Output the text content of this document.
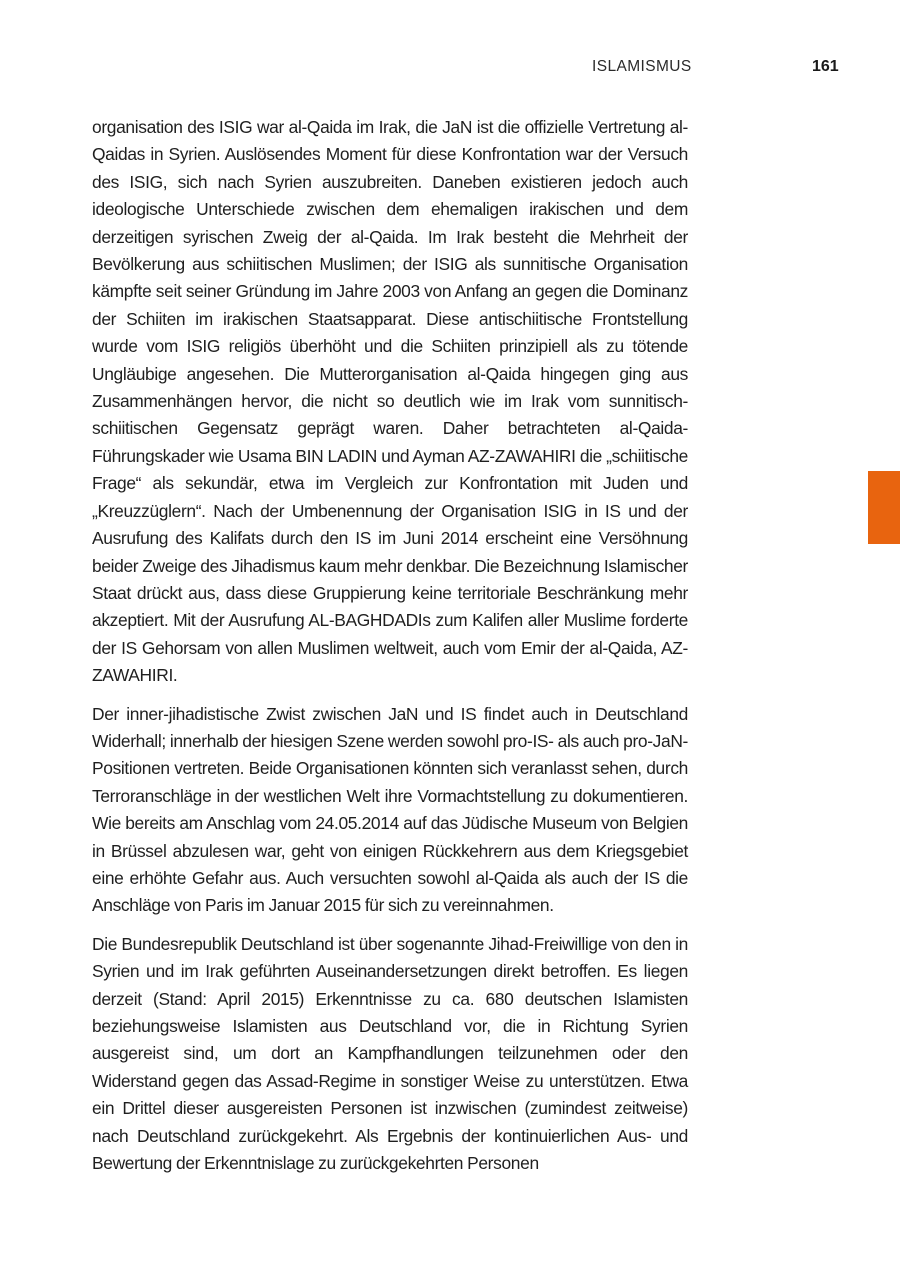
ISLAMISMUS	161

organisation des ISIG war al-Qaida im Irak, die JaN ist die offizielle Vertretung al-Qaidas in Syrien. Auslösendes Moment für diese Konfrontation war der Versuch des ISIG, sich nach Syrien auszubreiten. Daneben existieren jedoch auch ideologische Unterschiede zwischen dem ehemaligen irakischen und dem derzeitigen syrischen Zweig der al-Qaida. Im Irak besteht die Mehrheit der Bevölkerung aus schiitischen Muslimen; der ISIG als sunnitische Organisation kämpfte seit seiner Gründung im Jahre 2003 von Anfang an gegen die Dominanz der Schiiten im irakischen Staatsapparat. Diese antischiitische Frontstellung wurde vom ISIG religiös überhöht und die Schiiten prinzipiell als zu tötende Ungläubige angesehen. Die Mutterorganisation al-Qaida hingegen ging aus Zusammenhängen hervor, die nicht so deutlich wie im Irak vom sunnitisch-schiitischen Gegensatz geprägt waren. Daher betrachteten al-Qaida-Führungskader wie Usama BIN LADIN und Ayman AZ-ZAWAHIRI die „schiitische Frage“ als sekundär, etwa im Vergleich zur Konfrontation mit Juden und „Kreuzzüglern“. Nach der Umbenennung der Organisation ISIG in IS und der Ausrufung des Kalifats durch den IS im Juni 2014 erscheint eine Versöhnung beider Zweige des Jihadismus kaum mehr denkbar. Die Bezeichnung Islamischer Staat drückt aus, dass diese Gruppierung keine territoriale Beschränkung mehr akzeptiert. Mit der Ausrufung AL-BAGHDADIs zum Kalifen aller Muslime forderte der IS Gehorsam von allen Muslimen weltweit, auch vom Emir der al-Qaida, AZ-ZAWAHIRI.

Der inner-jihadistische Zwist zwischen JaN und IS findet auch in Deutschland Widerhall; innerhalb der hiesigen Szene werden sowohl pro-IS- als auch pro-JaN-Positionen vertreten. Beide Organisationen könnten sich veranlasst sehen, durch Terroranschläge in der westlichen Welt ihre Vormachtstellung zu dokumentieren. Wie bereits am Anschlag vom 24.05.2014 auf das Jüdische Museum von Belgien in Brüssel abzulesen war, geht von einigen Rückkehrern aus dem Kriegsgebiet eine erhöhte Gefahr aus. Auch versuchten sowohl al-Qaida als auch der IS die Anschläge von Paris im Januar 2015 für sich zu vereinnahmen.

Die Bundesrepublik Deutschland ist über sogenannte Jihad-Freiwillige von den in Syrien und im Irak geführten Auseinandersetzungen direkt betroffen. Es liegen derzeit (Stand: April 2015) Erkenntnisse zu ca. 680 deutschen Islamisten beziehungsweise Islamisten aus Deutschland vor, die in Richtung Syrien ausgereist sind, um dort an Kampfhandlungen teilzunehmen oder den Widerstand gegen das Assad-Regime in sonstiger Weise zu unterstützen. Etwa ein Drittel dieser ausgereisten Personen ist inzwischen (zumindest zeitweise) nach Deutschland zurückgekehrt. Als Ergebnis der kontinuierlichen Aus- und Bewertung der Erkenntnislage zu zurückgekehrten Personen
